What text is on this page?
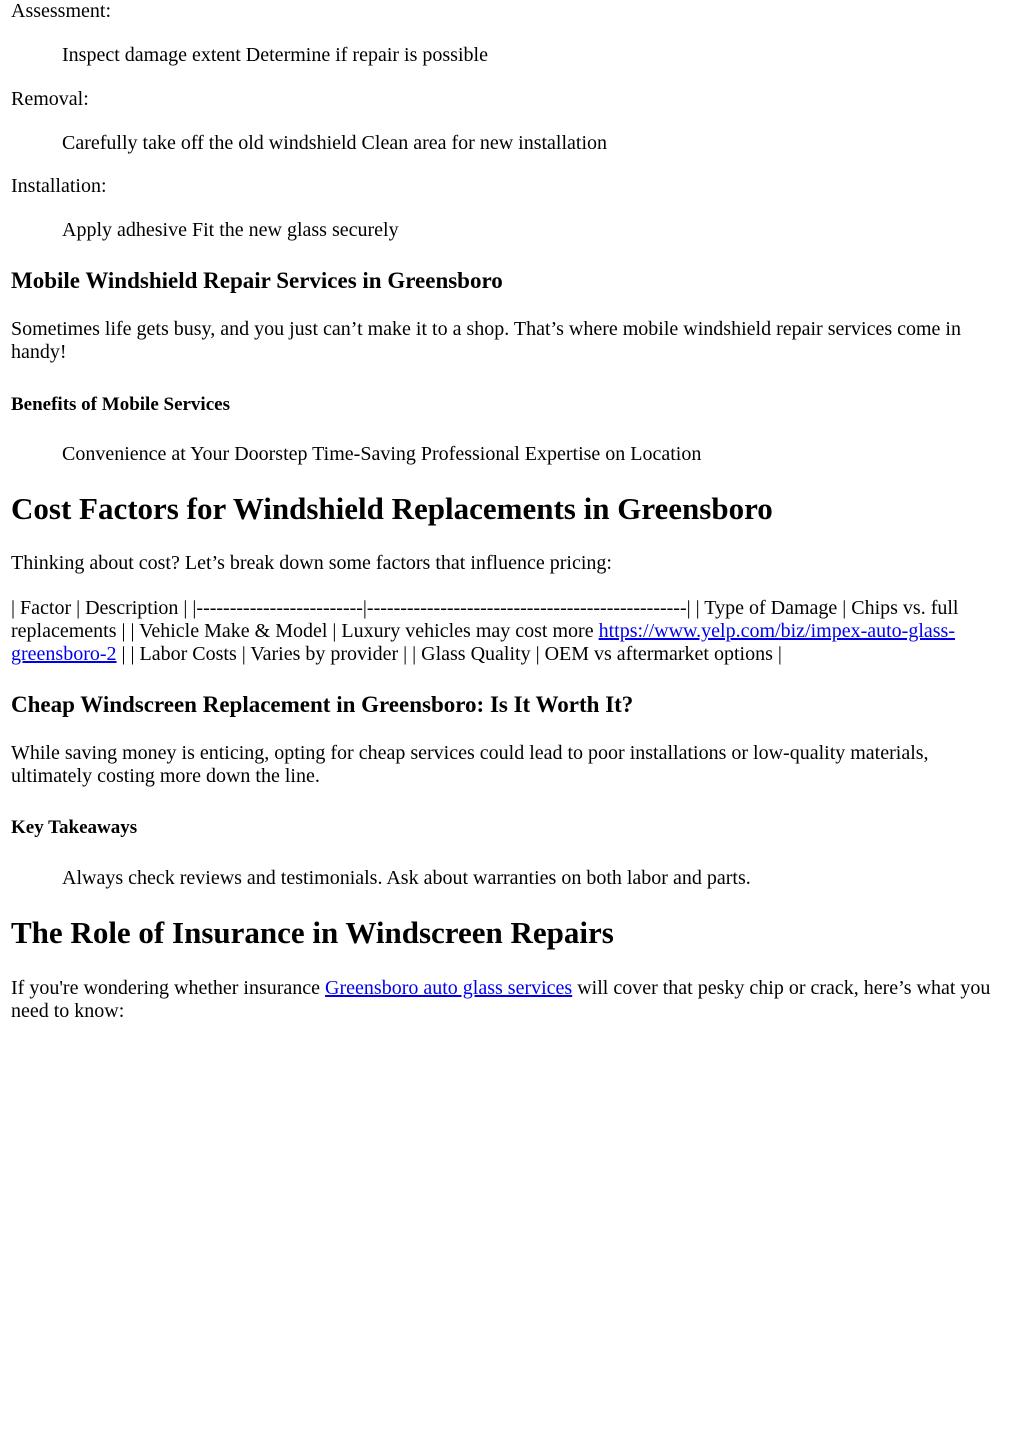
Assessment:

Inspect damage extent Determine if repair is possible

Removal:

Carefully take off the old windshield Clean area for new installation

Installation:

Apply adhesive Fit the new glass securely

Mobile Windshield Repair Services in Greensboro

Sometimes life gets busy, and you just can’t make it to a shop. That’s where mobile windshield repair services come in handy!

Benefits of Mobile Services

Convenience at Your Doorstep Time-Saving Professional Expertise on Location

Cost Factors for Windshield Replacements in Greensboro

Thinking about cost? Let’s break down some factors that influence pricing:

| Factor | Description | |-------------------------|------------------------------------------------| | Type of Damage | Chips vs. full replacements | | Vehicle Make & Model | Luxury vehicles may cost more https://www.yelp.com/biz/impex-auto-glass-greensboro-2 | | Labor Costs | Varies by provider | | Glass Quality | OEM vs aftermarket options |

Cheap Windscreen Replacement in Greensboro: Is It Worth It?

While saving money is enticing, opting for cheap services could lead to poor installations or low-quality materials, ultimately costing more down the line.

Key Takeaways

Always check reviews and testimonials. Ask about warranties on both labor and parts.

The Role of Insurance in Windscreen Repairs

If you're wondering whether insurance Greensboro auto glass services will cover that pesky chip or crack, here’s what you need to know:
